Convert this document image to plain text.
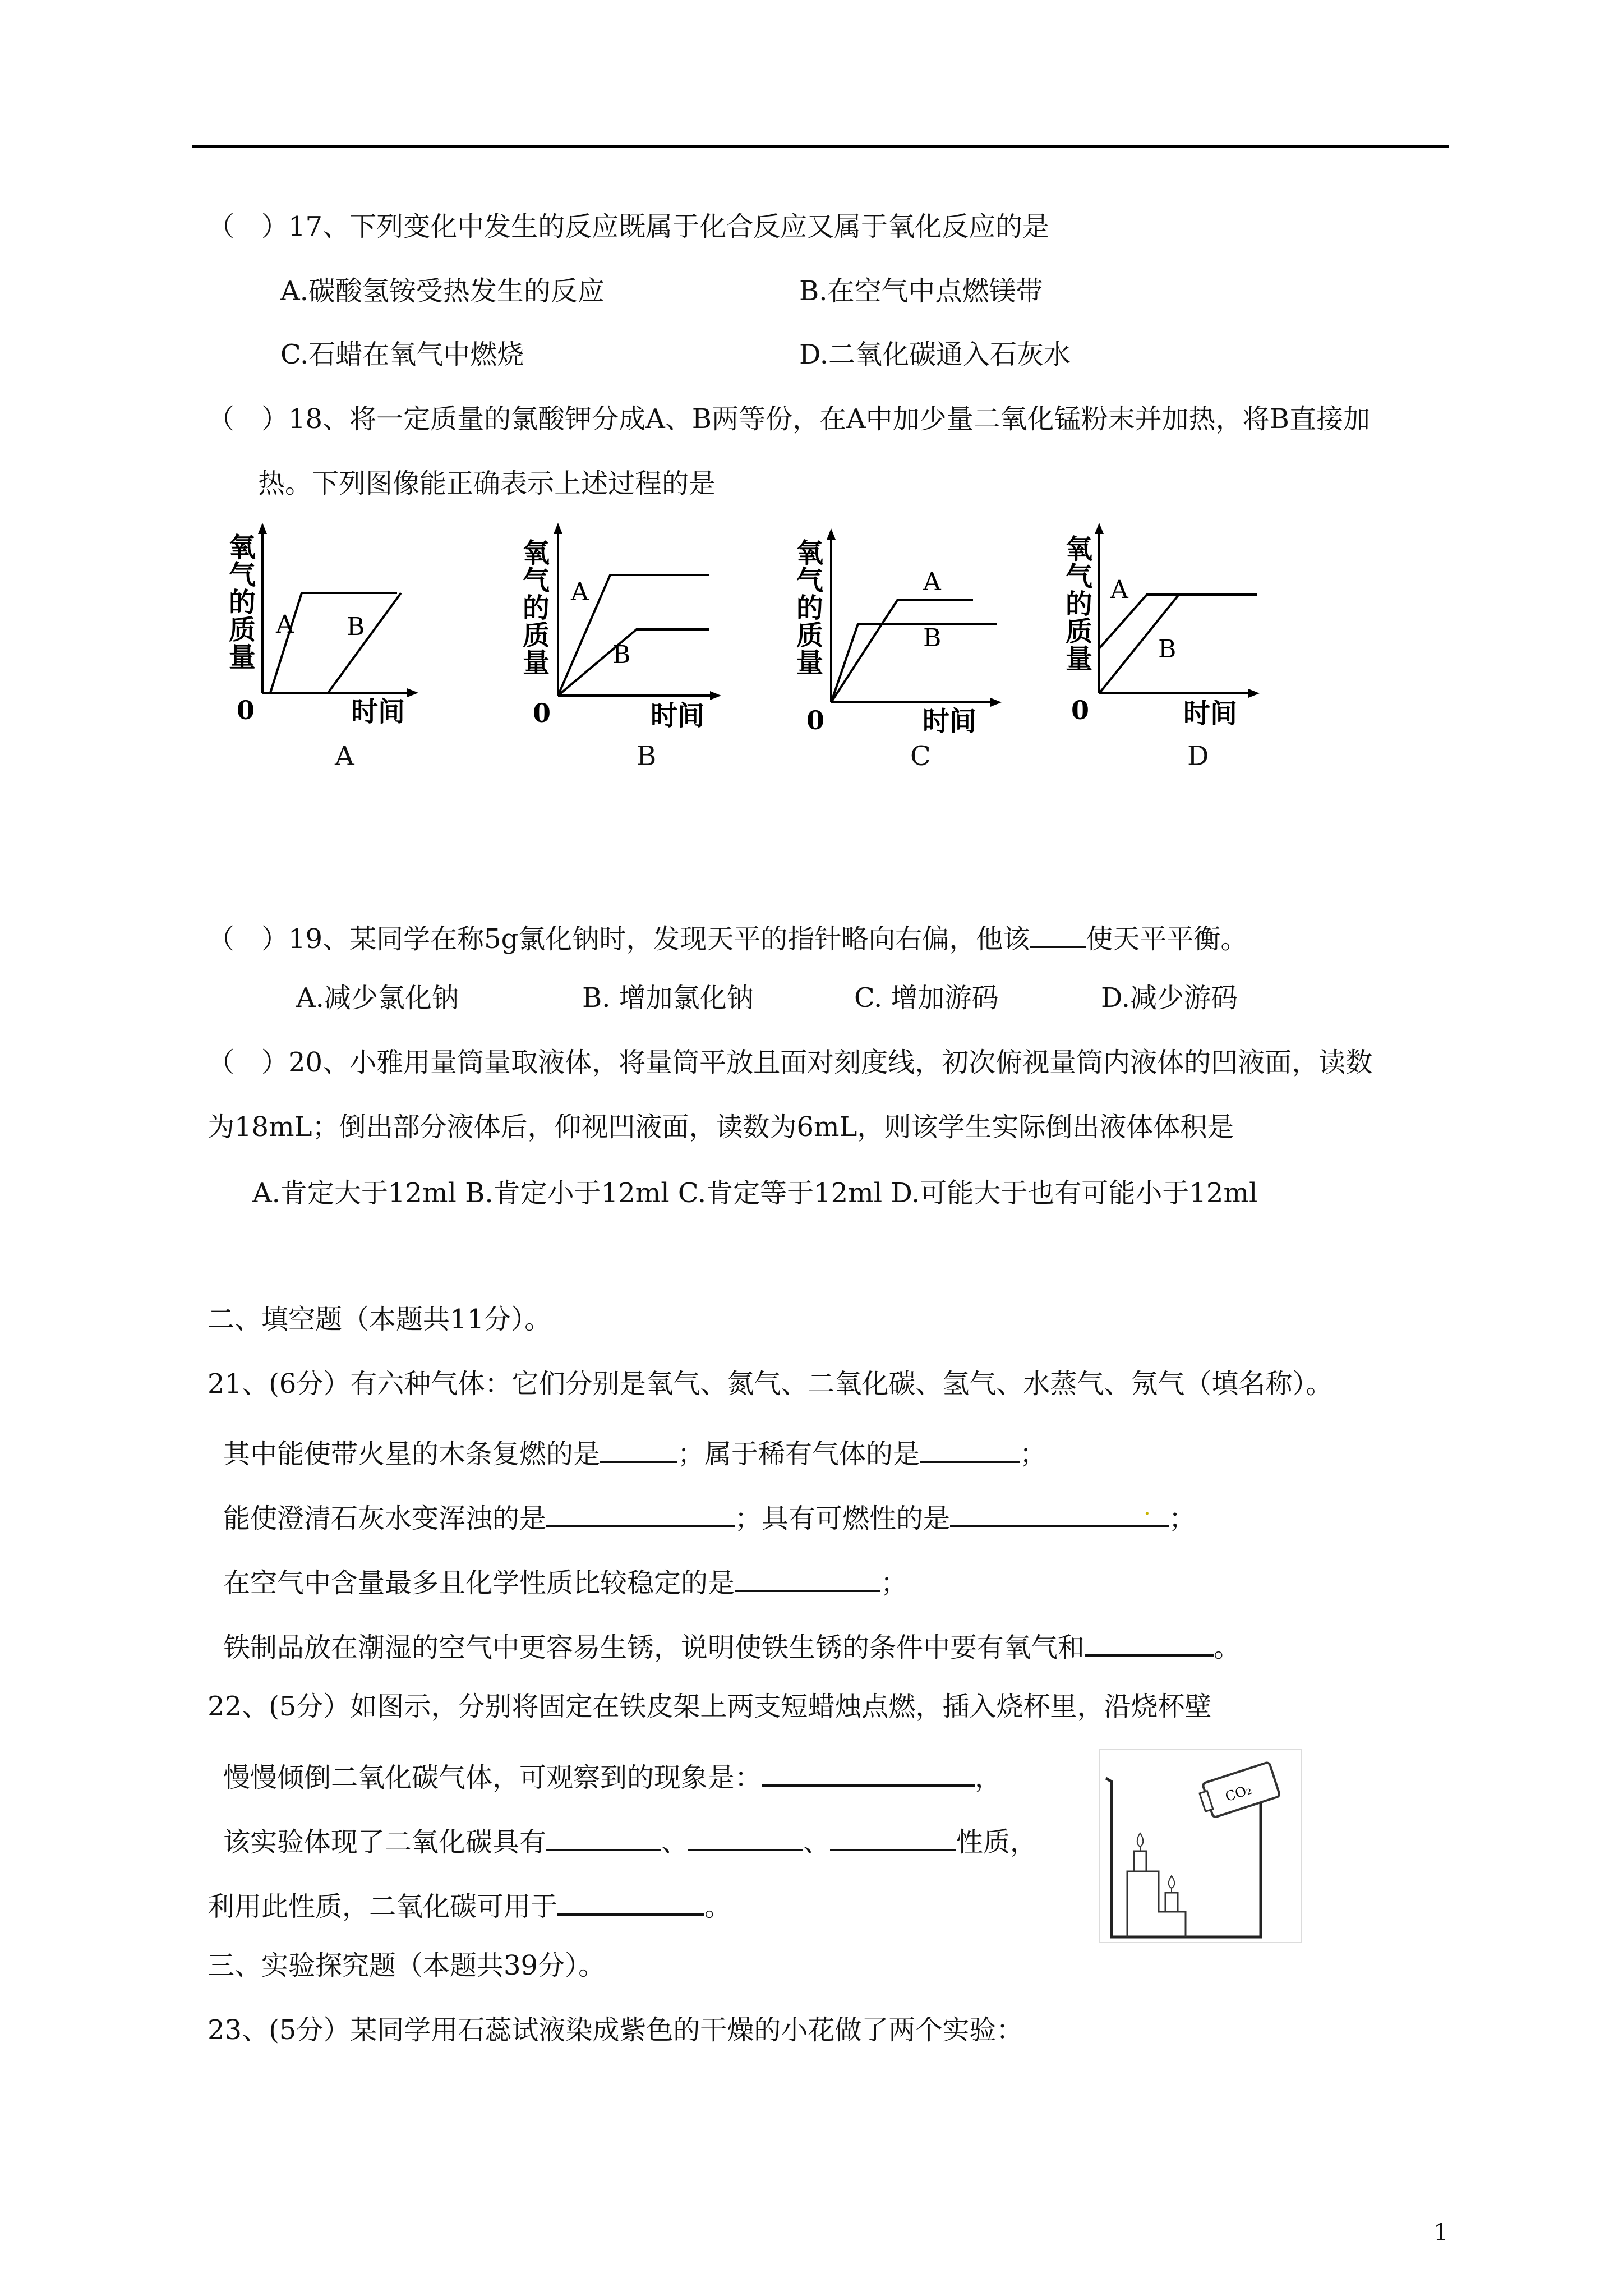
（　）17、下列变化中发生的反应既属于化合反应又属于氧化反应的是
A.碳酸氢铵受热发生的反应	B.在空气中点燃镁带
C.石蜡在氧气中燃烧	D.二氧化碳通入石灰水
（　）18、将一定质量的氯酸钾分成A、B两等份，在A中加少量二氧化锰粉末并加热，将B直接加
热。下列图像能正确表示上述过程的是
氧
气
的
质
量
A B
0	时间
A
氧
气
的
质
量
A
B
0	时间
B
氧
气
的
质
量
A
B
0	时间
C
氧
气
的
质
量
A
B
0	时间
D
（　）19、某同学在称5g氯化钠时，发现天平的指针略向右偏，他该 使天平平衡。
A.减少氯化钠	B. 增加氯化钠	C. 增加游码	D.减少游码
（　）20、小雅用量筒量取液体，将量筒平放且面对刻度线，初次俯视量筒内液体的凹液面，读数
为18mL；倒出部分液体后，仰视凹液面，读数为6mL，则该学生实际倒出液体体积是
A.肯定大于12ml B.肯定小于12ml C.肯定等于12ml D.可能大于也有可能小于12ml
二、填空题（本题共11分）。
21、(6分）有六种气体：它们分别是氧气、氮气、二氧化碳、氢气、水蒸气、氖气（填名称）。
其中能使带火星的木条复燃的是	；属于稀有气体的是	；
能使澄清石灰水变浑浊的是	；具有可燃性的是	. ；
在空气中含量最多且化学性质比较稳定的是	；
铁制品放在潮湿的空气中更容易生锈，说明使铁生锈的条件中要有氧气和	。
22、(5分）如图示，分别将固定在铁皮架上两支短蜡烛点燃，插入烧杯里，沿烧杯壁
慢慢倾倒二氧化碳气体，可观察到的现象是：	，
该实验体现了二氧化碳具有	、	、	性质，
利用此性质，二氧化碳可用于	。
CO₂
三、实验探究题（本题共39分）。
23、(5分）某同学用石蕊试液染成紫色的干燥的小花做了两个实验：
1
